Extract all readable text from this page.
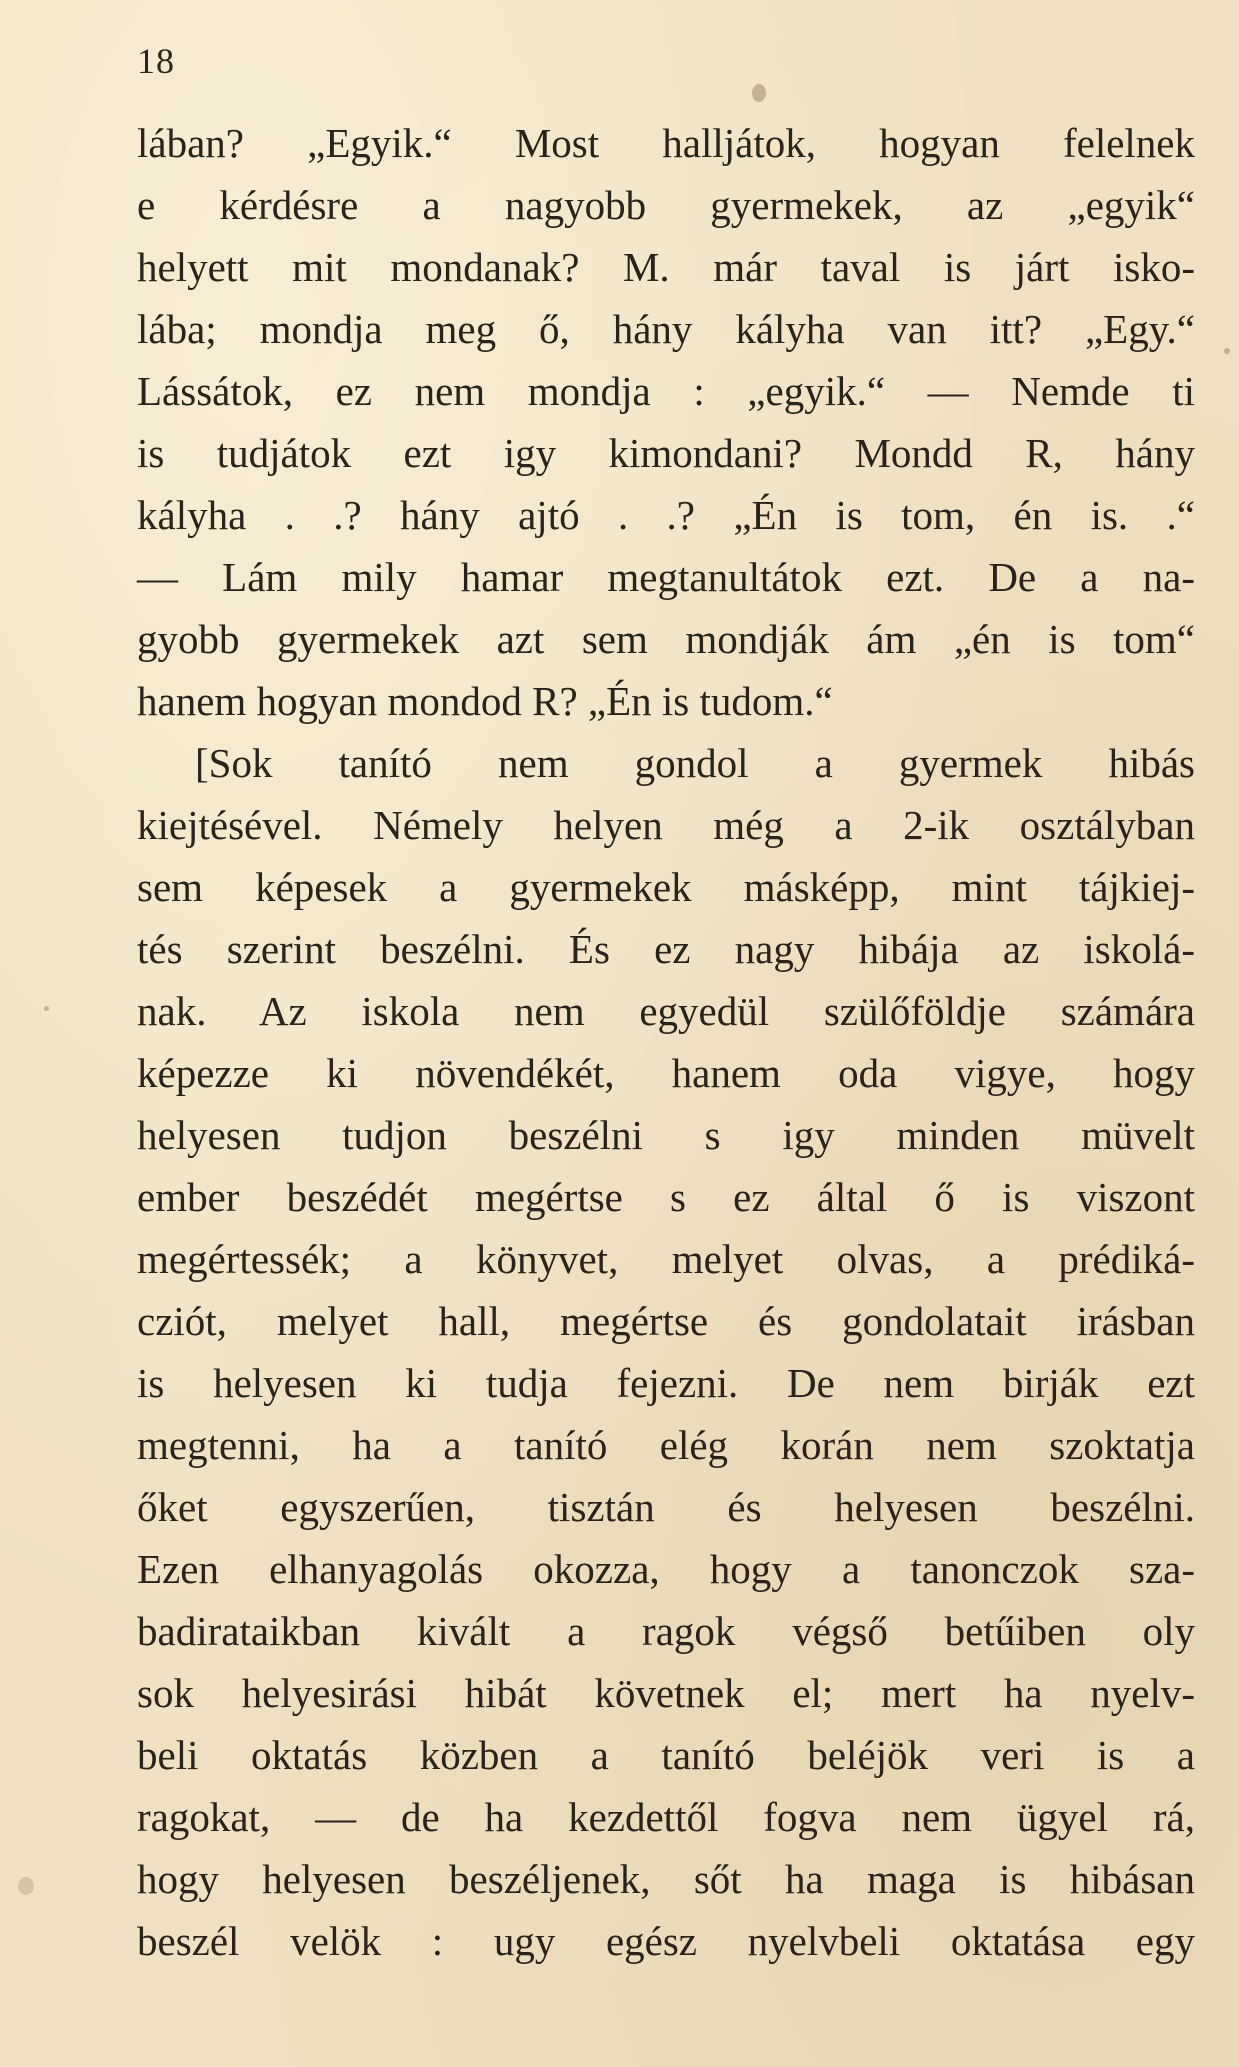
18
lában? „Egyik.“ Most halljátok, hogyan felelnek
e kérdésre a nagyobb gyermekek, az „egyik“
helyett mit mondanak? M. már taval is járt isko-
lába; mondja meg ő, hány kályha van itt? „Egy.“
Lássátok, ez nem mondja : „egyik.“ — Nemde ti
is tudjátok ezt igy kimondani? Mondd R, hány
kályha . .? hány ajtó . .? „Én is tom, én is. .“
— Lám mily hamar megtanultátok ezt. De a na-
gyobb gyermekek azt sem mondják ám „én is tom“
hanem hogyan mondod R? „Én is tudom.“
[Sok tanító nem gondol a gyermek hibás
kiejtésével. Némely helyen még a 2-ik osztályban
sem képesek a gyermekek másképp, mint tájkiej-
tés szerint beszélni. És ez nagy hibája az iskolá-
nak. Az iskola nem egyedül szülőföldje számára
képezze ki növendékét, hanem oda vigye, hogy
helyesen tudjon beszélni s igy minden müvelt
ember beszédét megértse s ez által ő is viszont
megértessék; a könyvet, melyet olvas, a prédiká-
cziót, melyet hall, megértse és gondolatait irásban
is helyesen ki tudja fejezni. De nem birják ezt
megtenni, ha a tanító elég korán nem szoktatja
őket egyszerűen, tisztán és helyesen beszélni.
Ezen elhanyagolás okozza, hogy a tanonczok sza-
badirataikban kivált a ragok végső betűiben oly
sok helyesirási hibát követnek el; mert ha nyelv-
beli oktatás közben a tanító beléjök veri is a
ragokat, — de ha kezdettől fogva nem ügyel rá,
hogy helyesen beszéljenek, sőt ha maga is hibásan
beszél velök : ugy egész nyelvbeli oktatása egy
